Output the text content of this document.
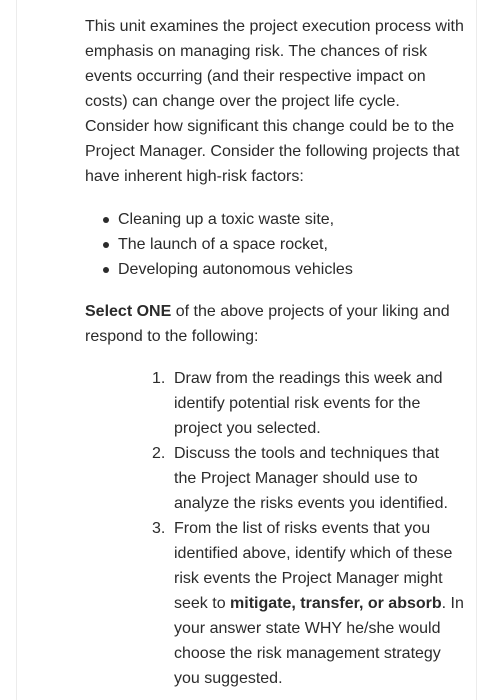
This unit examines the project execution process with emphasis on managing risk. The chances of risk events occurring (and their respective impact on costs) can change over the project life cycle. Consider how significant this change could be to the Project Manager. Consider the following projects that have inherent high-risk factors:

Cleaning up a toxic waste site,
The launch of a space rocket,
Developing autonomous vehicles

Select ONE of the above projects of your liking and respond to the following:

1. Draw from the readings this week and identify potential risk events for the project you selected.
2. Discuss the tools and techniques that the Project Manager should use to analyze the risks events you identified.
3. From the list of risks events that you identified above, identify which of these risk events the Project Manager might seek to mitigate, transfer, or absorb. In your answer state WHY he/she would choose the risk management strategy you suggested.
